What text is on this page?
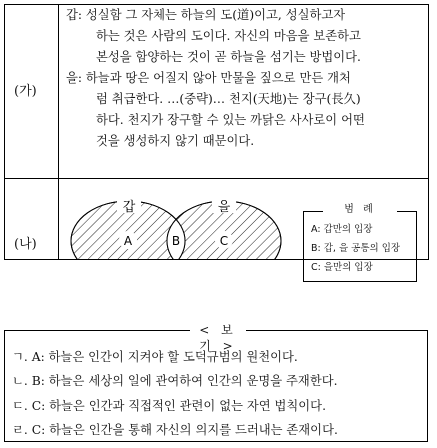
(가)
갑: 성실함 그 자체는 하늘의 도(道)이고, 성실하고자
하는 것은 사람의 도이다. 자신의 마음을 보존하고
본성을 함양하는 것이 곧 하늘을 섬기는 방법이다.
을: 하늘과 땅은 어질지 않아 만물을 짚으로 만든 개처
럼 취급한다. …(중략)… 천지(天地)는 장구(長久)
하다. 천지가 장구할 수 있는 까닭은 사사로이 어떤
것을 생성하지 않기 때문이다.
(나)
갑	을
A	B	C
범 례
A: 갑만의 입장
B: 갑, 을 공통의 입장
C: 을만의 입장
< 보 기 >
ㄱ. A: 하늘은 인간이 지켜야 할 도덕규범의 원천이다.
ㄴ. B: 하늘은 세상의 일에 관여하여 인간의 운명을 주재한다.
ㄷ. C: 하늘은 인간과 직접적인 관련이 없는 자연 법칙이다.
ㄹ. C: 하늘은 인간을 통해 자신의 의지를 드러내는 존재이다.
